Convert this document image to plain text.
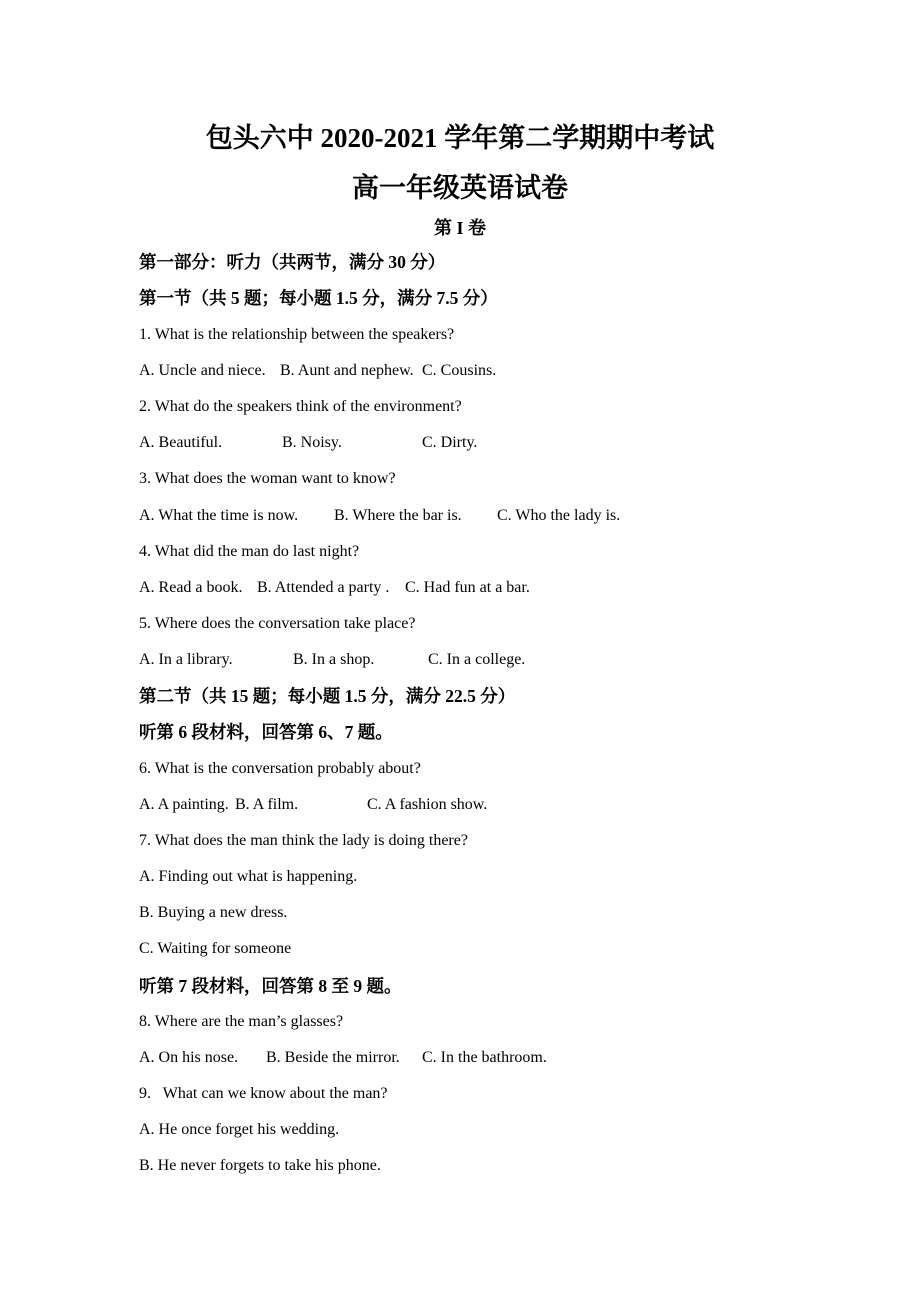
包头六中 2020-2021 学年第二学期期中考试
高一年级英语试卷
第 I 卷
第一部分：听力（共两节，满分 30 分）
第一节（共 5 题；每小题 1.5 分，满分 7.5 分）
1. What is the relationship between the speakers?
A. Uncle and niece. B. Aunt and nephew. C. Cousins.
2. What do the speakers think of the environment?
A. Beautiful.	B. Noisy.	C. Dirty.
3. What does the woman want to know?
A. What the time is now. B. Where the bar is. C. Who the lady is.
4. What did the man do last night?
A. Read a book. B. Attended a party . C. Had fun at a bar.
5. Where does the conversation take place?
A. In a library.	B. In a shop.	C. In a college.
第二节（共 15 题；每小题 1.5 分，满分 22.5 分）
听第 6 段材料，回答第 6、7 题。
6. What is the conversation probably about?
A. A painting. B. A film.	C. A fashion show.
7. What does the man think the lady is doing there?
A. Finding out what is happening.
B. Buying a new dress.
C. Waiting for someone
听第 7 段材料，回答第 8 至 9 题。
8. Where are the man’s glasses?
A. On his nose. B. Beside the mirror. C. In the bathroom.
9.   What can we know about the man?
A. He once forget his wedding.
B. He never forgets to take his phone.
